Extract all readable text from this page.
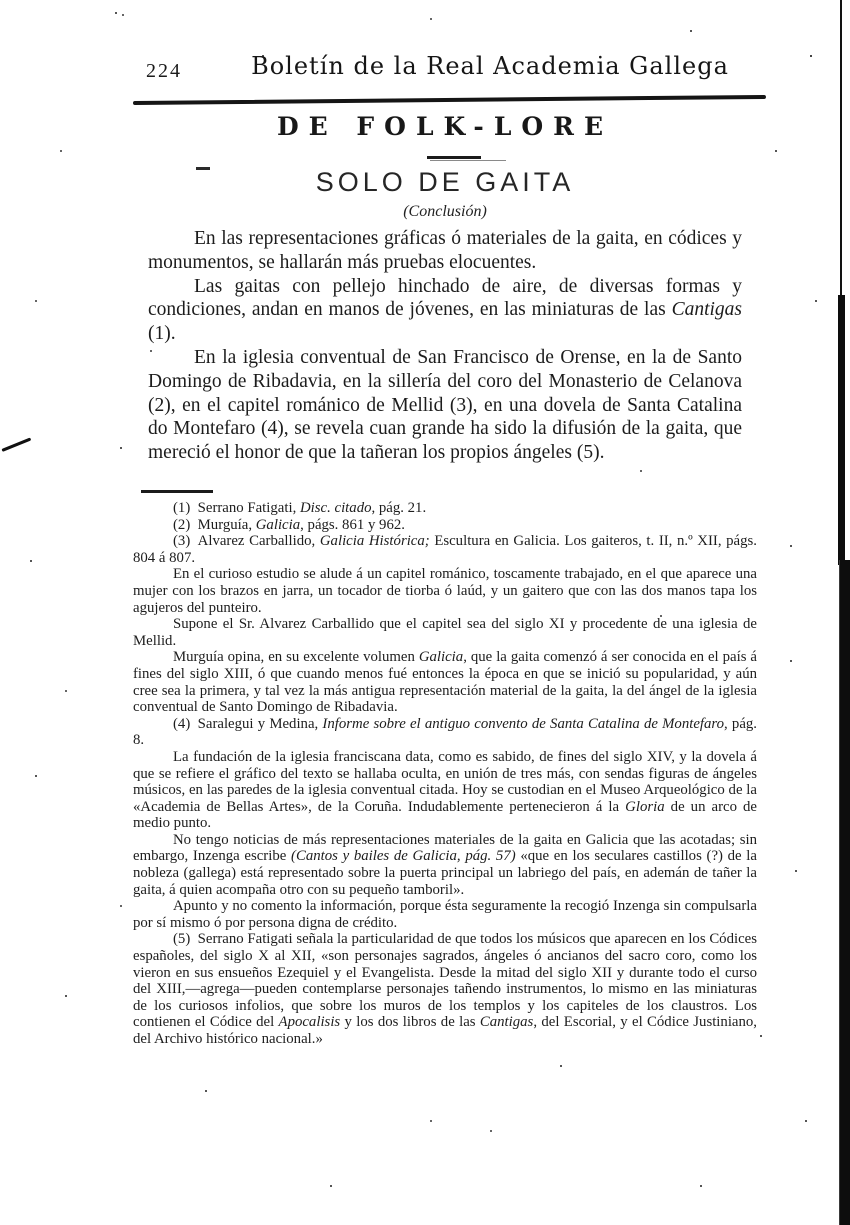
224	Boletín de la Real Academia Gallega
DE FOLK-LORE
SOLO DE GAITA
(Conclusión)

En las representaciones gráficas ó materiales de la gaita, en códices y monumentos, se hallarán más pruebas elocuentes.

Las gaitas con pellejo hinchado de aire, de diversas formas y condiciones, andan en manos de jóvenes, en las miniaturas de las Cantigas (1).

En la iglesia conventual de San Francisco de Orense, en la de Santo Domingo de Ribadavia, en la sillería del coro del Monasterio de Celanova (2), en el capitel románico de Mellid (3), en una dovela de Santa Catalina do Montefaro (4), se revela cuan grande ha sido la difusión de la gaita, que mereció el honor de que la tañeran los propios ángeles (5).

(1) Serrano Fatigati, Disc. citado, pág. 21.

(2) Murguía, Galicia, págs. 861 y 962.

(3) Alvarez Carballido, Galicia Histórica; Escultura en Galicia. Los gaiteros, t. II, n.º XII, págs. 804 á 807.

En el curioso estudio se alude á un capitel románico, toscamente trabajado, en el que aparece una mujer con los brazos en jarra, un tocador de tiorba ó laúd, y un gaitero que con las dos manos tapa los agujeros del punteiro.

Supone el Sr. Alvarez Carballido que el capitel sea del siglo XI y procedente de una iglesia de Mellid.

Murguía opina, en su excelente volumen Galicia, que la gaita comenzó á ser conocida en el país á fines del siglo XIII, ó que cuando menos fué entonces la época en que se inició su popularidad, y aún cree sea la primera, y tal vez la más antigua representación material de la gaita, la del ángel de la iglesia conventual de Santo Domingo de Ribadavia.

(4) Saralegui y Medina, Informe sobre el antiguo convento de Santa Catalina de Montefaro, pág. 8.

La fundación de la iglesia franciscana data, como es sabido, de fines del siglo XIV, y la dovela á que se refiere el gráfico del texto se hallaba oculta, en unión de tres más, con sendas figuras de ángeles músicos, en las paredes de la iglesia conventual citada. Hoy se custodian en el Museo Arqueológico de la «Academia de Bellas Artes», de la Coruña. Indudablemente pertenecieron á la Gloria de un arco de medio punto.

No tengo noticias de más representaciones materiales de la gaita en Galicia que las acotadas; sin embargo, Inzenga escribe (Cantos y bailes de Galicia, pág. 57) «que en los seculares castillos (?) de la nobleza (gallega) está representado sobre la puerta principal un labriego del país, en ademán de tañer la gaita, á quien acompaña otro con su pequeño tamboril».

Apunto y no comento la información, porque ésta seguramente la recogió Inzenga sin compulsarla por sí mismo ó por persona digna de crédito.

(5) Serrano Fatigati señala la particularidad de que todos los músicos que aparecen en los Códices españoles, del siglo X al XII, «son personajes sagrados, ángeles ó ancianos del sacro coro, como los vieron en sus ensueños Ezequiel y el Evangelista. Desde la mitad del siglo XII y durante todo el curso del XIII,—agrega—pueden contemplarse personajes tañendo instrumentos, lo mismo en las miniaturas de los curiosos infolios, que sobre los muros de los templos y los capiteles de los claustros. Los contienen el Códice del Apocalisis y los dos libros de las Cantigas, del Escorial, y el Códice Justiniano, del Archivo histórico nacional.»
